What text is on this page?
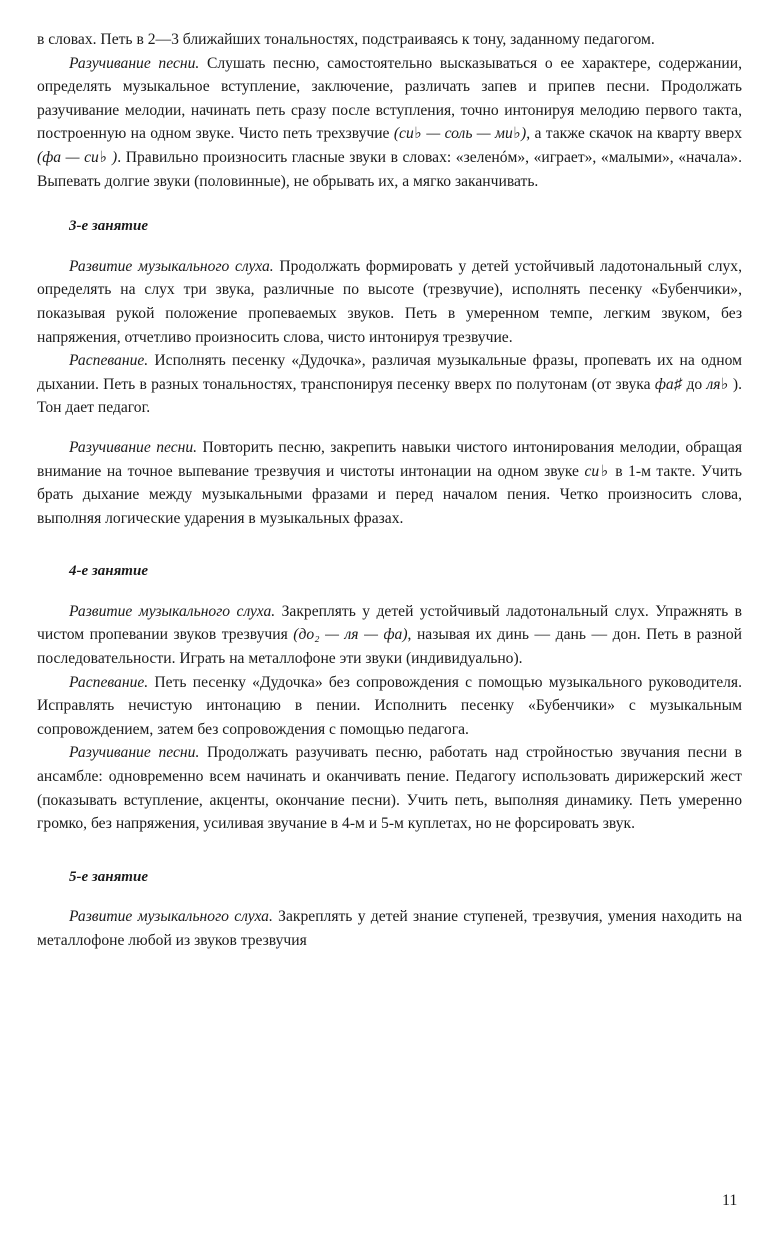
в словах. Петь в 2—3 ближайших тональностях, подстраиваясь к тону, заданному педагогом.

Разучивание песни. Слушать песню, самостоятельно высказываться о ее характере, содержании, определять музыкальное вступление, заключение, различать запев и припев песни. Продолжать разучивание мелодии, начинать петь сразу после вступления, точно интонируя мелодию первого такта, построенную на одном звуке. Чисто петь трехзвучие (си♭ — соль — ми♭), а также скачок на кварту вверх (фа — си♭ ). Правильно произносить гласные звуки в словах: «зеленóм», «играет», «малыми», «начала». Выпевать долгие звуки (половинные), не обрывать их, а мягко заканчивать.

3-е занятие

Развитие музыкального слуха. Продолжать формировать у детей устойчивый ладотональный слух, определять на слух три звука, различные по высоте (трезвучие), исполнять песенку «Бубенчики», показывая рукой положение пропеваемых звуков. Петь в умеренном темпе, легким звуком, без напряжения, отчетливо произносить слова, чисто интонируя трезвучие.

Распевание. Исполнять песенку «Дудочка», различая музыкальные фразы, пропевать их на одном дыхании. Петь в разных тональностях, транспонируя песенку вверх по полутонам (от звука фа♯ до ля♭ ). Тон дает педагог.

Разучивание песни. Повторить песню, закрепить навыки чистого интонирования мелодии, обращая внимание на точное выпевание трезвучия и чистоты интонации на одном звуке си♭ в 1-м такте. Учить брать дыхание между музыкальными фразами и перед началом пения. Четко произносить слова, выполняя логические ударения в музыкальных фразах.

4-е занятие

Развитие музыкального слуха. Закреплять у детей устойчивый ладотональный слух. Упражнять в чистом пропевании звуков трезвучия (до₂ — ля — фа), называя их динь — дань — дон. Петь в разной последовательности. Играть на металлофоне эти звуки (индивидуально).

Распевание. Петь песенку «Дудочка» без сопровождения с помощью музыкального руководителя. Исправлять нечистую интонацию в пении. Исполнить песенку «Бубенчики» с музыкальным сопровождением, затем без сопровождения с помощью педагога.

Разучивание песни. Продолжать разучивать песню, работать над стройностью звучания песни в ансамбле: одновременно всем начинать и оканчивать пение. Педагогу использовать дирижерский жест (показывать вступление, акценты, окончание песни). Учить петь, выполняя динамику. Петь умеренно громко, без напряжения, усиливая звучание в 4-м и 5-м куплетах, но не форсировать звук.

5-е занятие

Развитие музыкального слуха. Закреплять у детей знание ступеней, трезвучия, умения находить на металлофоне любой из звуков трезвучия

11
